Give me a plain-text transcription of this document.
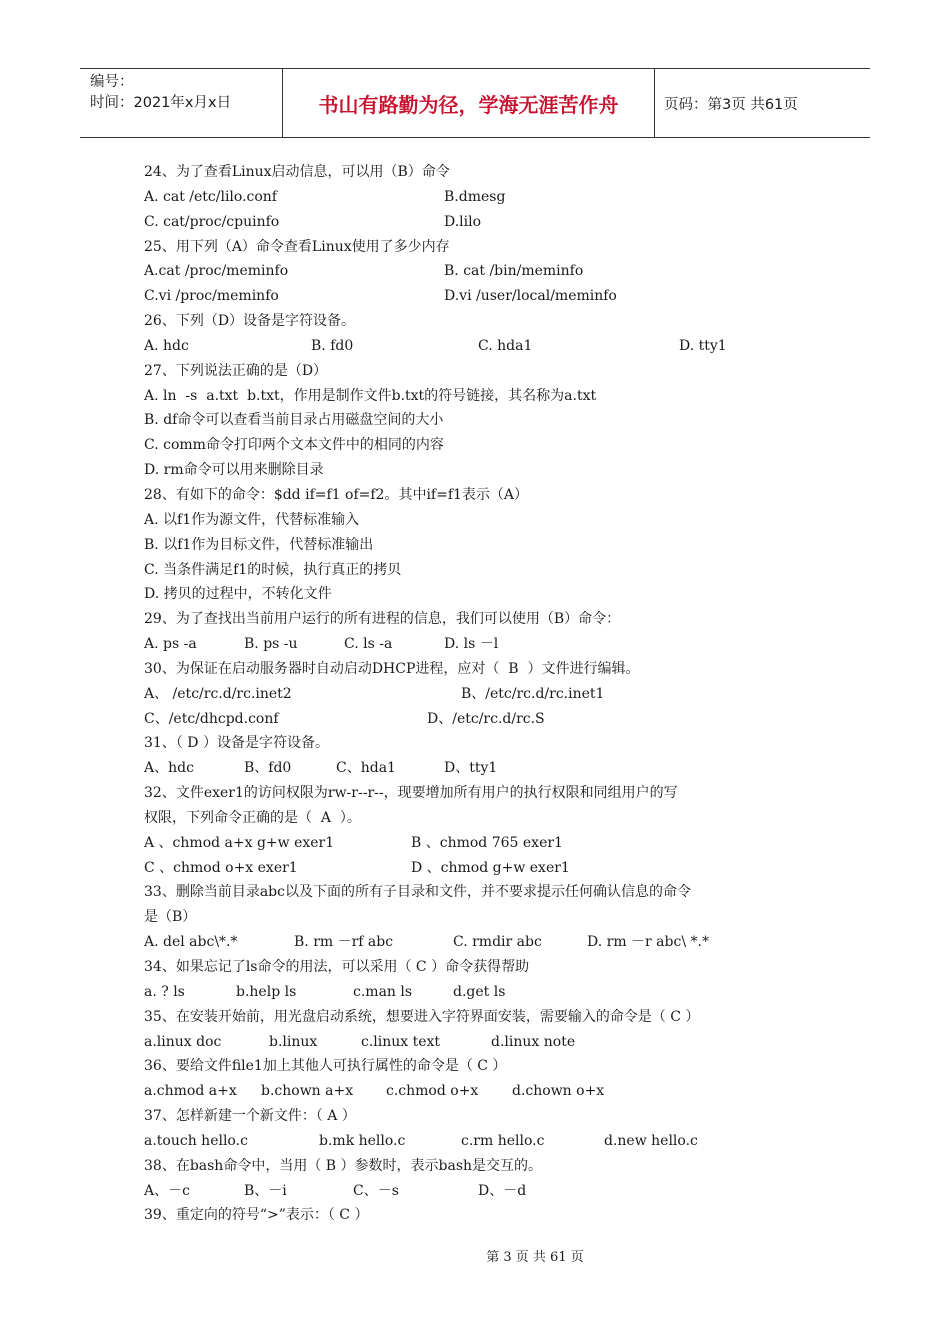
编号：
时间：2021年x月x日	书山有路勤为径，学海无涯苦作舟	页码：第3页 共61页
24、为了查看Linux启动信息，可以用（B）命令
A. cat /etc/lilo.conf	B.dmesg
C. cat/proc/cpuinfo	D.lilo
25、用下列（A）命令查看Linux使用了多少内存
A.cat /proc/meminfo	B. cat /bin/meminfo
C.vi /proc/meminfo	D.vi /user/local/meminfo
26、下列（D）设备是字符设备。
A. hdc	B. fd0	C. hda1	D. tty1
27、下列说法正确的是（D）
A. ln  -s  a.txt  b.txt，作用是制作文件b.txt的符号链接，其名称为a.txt
B. df命令可以查看当前目录占用磁盘空间的大小
C. comm命令打印两个文本文件中的相同的内容
D. rm命令可以用来删除目录
28、有如下的命令：$dd if=f1 of=f2。其中if=f1表示（A）
A. 以f1作为源文件，代替标准输入
B. 以f1作为目标文件，代替标准输出
C. 当条件满足f1的时候，执行真正的拷贝
D. 拷贝的过程中，不转化文件
29、为了查找出当前用户运行的所有进程的信息，我们可以使用（B）命令：
A. ps -a	B. ps -u	C. ls -a	D. ls －l
30、为保证在启动服务器时自动启动DHCP进程，应对（  B  ）文件进行编辑。
A、 /etc/rc.d/rc.inet2	B、/etc/rc.d/rc.inet1
C、/etc/dhcpd.conf	D、/etc/rc.d/rc.S
31、（ D ）设备是字符设备。
A、hdc	B、fd0	C、hda1	D、tty1
32、文件exer1的访问权限为rw-r--r--，现要增加所有用户的执行权限和同组用户的写
权限，下列命令正确的是（  A  ）。
A 、chmod a+x g+w exer1	B 、chmod 765 exer1
C 、chmod o+x exer1	D 、chmod g+w exer1
33、删除当前目录abc以及下面的所有子目录和文件，并不要求提示任何确认信息的命令
是（B）
A. del abc\*.*	B. rm －rf abc	C. rmdir abc	D. rm －r abc\ *.*
34、如果忘记了ls命令的用法，可以采用（ C ）命令获得帮助
a. ? ls	b.help ls	c.man ls	d.get ls
35、在安装开始前，用光盘启动系统，想要进入字符界面安装，需要输入的命令是（ C ）
a.linux doc	b.linux	c.linux text	d.linux note
36、要给文件file1加上其他人可执行属性的命令是（ C ）
a.chmod a+x b.chown a+x c.chmod o+x d.chown o+x
37、怎样新建一个新文件：（ A ）
a.touch hello.c	b.mk hello.c	c.rm hello.c	d.new hello.c
38、在bash命令中，当用（ B ）参数时，表示bash是交互的。
A、－c	B、－i	C、－s	D、－d
39、重定向的符号“>”表示：（ C ）
第 3 页 共 61 页
